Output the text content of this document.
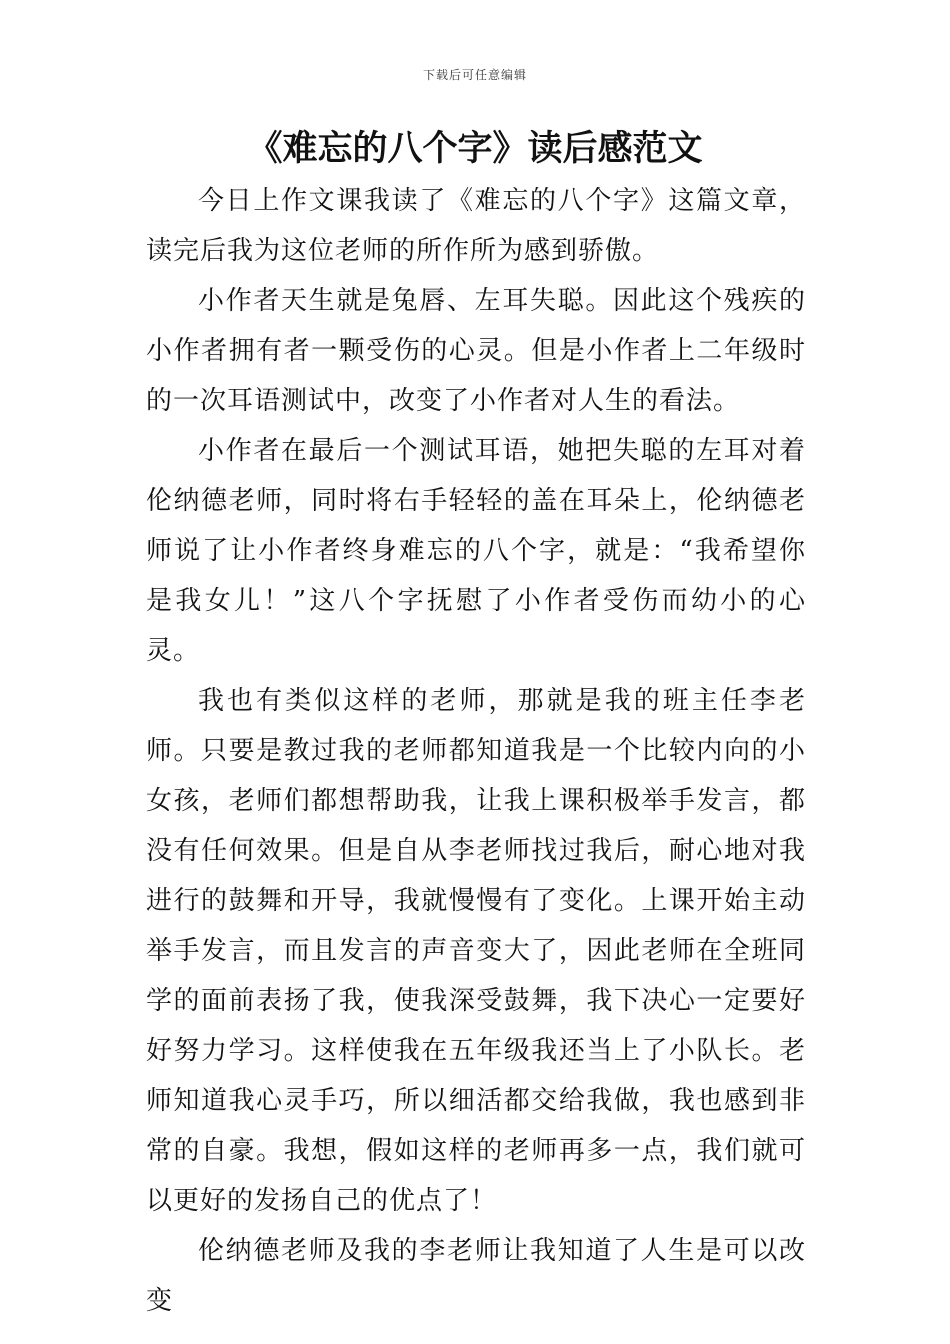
下载后可任意编辑
《难忘的八个字》读后感范文

今日上作文课我读了《难忘的八个字》这篇文章，读完后我为这位老师的所作所为感到骄傲。

小作者天生就是兔唇、左耳失聪。因此这个残疾的小作者拥有者一颗受伤的心灵。但是小作者上二年级时的一次耳语测试中，改变了小作者对人生的看法。

小作者在最后一个测试耳语，她把失聪的左耳对着伦纳德老师，同时将右手轻轻的盖在耳朵上，伦纳德老师说了让小作者终身难忘的八个字，就是：“我希望你是我女儿！”这八个字抚慰了小作者受伤而幼小的心灵。

我也有类似这样的老师，那就是我的班主任李老师。只要是教过我的老师都知道我是一个比较内向的小女孩，老师们都想帮助我，让我上课积极举手发言，都没有任何效果。但是自从李老师找过我后，耐心地对我进行的鼓舞和开导，我就慢慢有了变化。上课开始主动举手发言，而且发言的声音变大了，因此老师在全班同学的面前表扬了我，使我深受鼓舞，我下决心一定要好好努力学习。这样使我在五年级我还当上了小队长。老师知道我心灵手巧，所以细活都交给我做，我也感到非常的自豪。我想，假如这样的老师再多一点，我们就可以更好的发扬自己的优点了！

伦纳德老师及我的李老师让我知道了人生是可以改变
